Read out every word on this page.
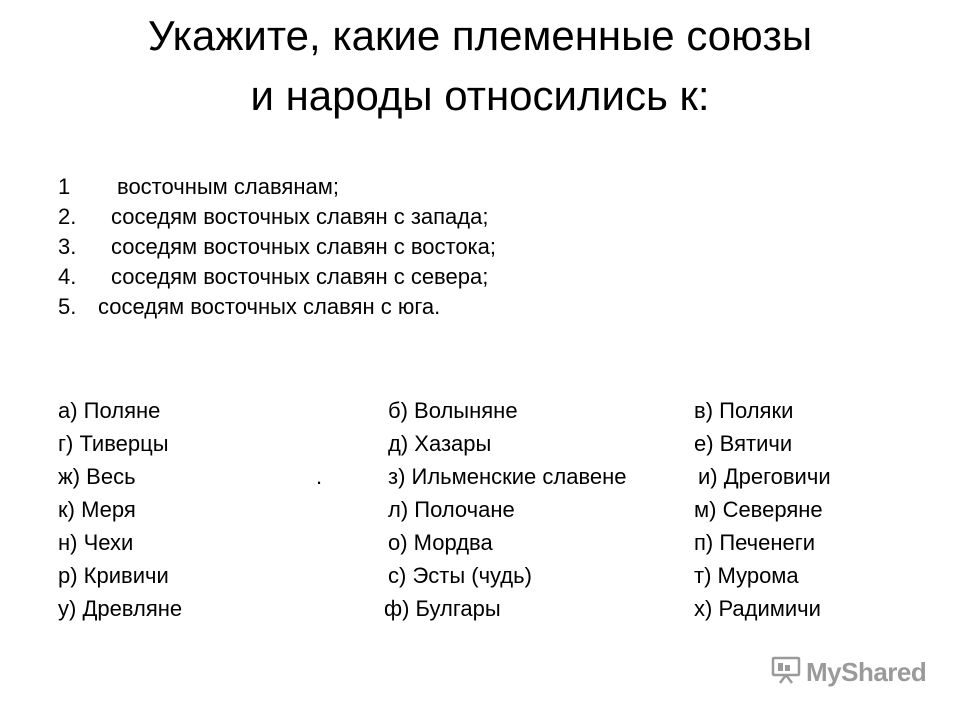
Укажите, какие племенные союзы
и народы относились к:
1 восточным славянам;
2. соседям восточных славян с запада;
3. соседям восточных славян с востока;
4. соседям восточных славян с севера;
5. соседям восточных славян с юга.
а) Поляне	б) Волыняне	в) Поляки
г) Тиверцы	д) Хазары	е) Вятичи
ж) Весь	.	з) Ильменские славене	и) Дреговичи
к) Меря	л) Полочане	м) Северяне
н) Чехи	о) Мордва	п) Печенеги
р) Кривичи	с) Эсты (чудь)	т) Мурома
у) Древляне	ф) Булгары	х) Радимичи
MyShared
